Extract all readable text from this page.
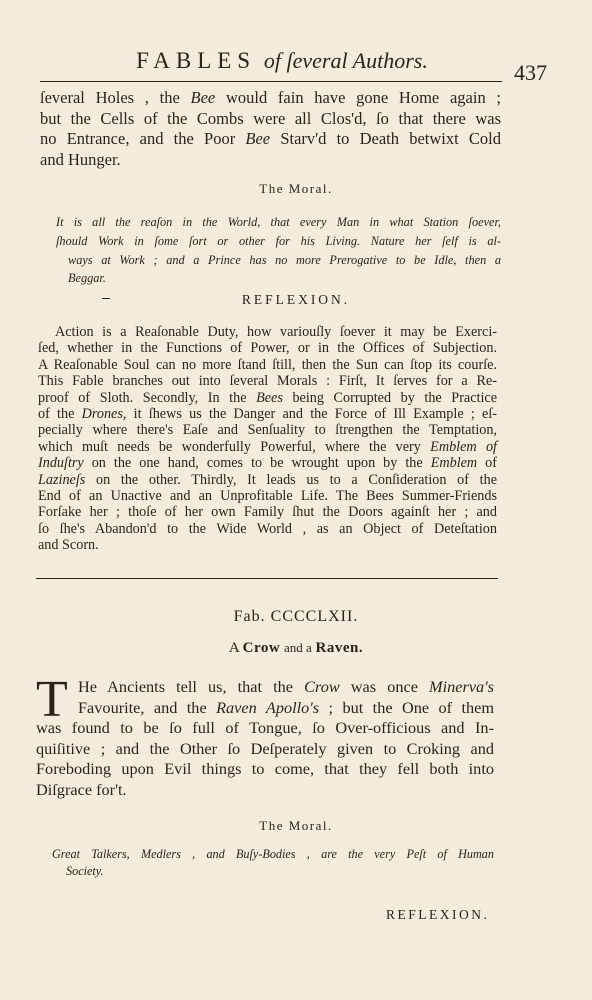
FABLES of ſeveral Authors.	437
ſeveral Holes , the Bee would fain have gone Home again ;
but the Cells of the Combs were all Clos'd, ſo that there was
no Entrance, and the Poor Bee Starv'd to Death betwixt Cold
and Hunger.
The Moral.
It is all the reaſon in the World, that every Man in what Station ſoever,
ſhould Work in ſome ſort or other for his Living. Nature her ſelf is al-
ways at Work ; and a Prince has no more Prerogative to be Idle, then a
Beggar.
REFLEXION.
Action is a Reaſonable Duty, how variouſly ſoever it may be Exerci-
ſed, whether in the Functions of Power, or in the Offices of Subjection.
A Reaſonable Soul can no more ſtand ſtill, then the Sun can ſtop its courſe.
This Fable branches out into ſeveral Morals : Firſt, It ſerves for a Re-
proof of Sloth. Secondly, In the Bees being Corrupted by the Practice
of the Drones, it ſhews us the Danger and the Force of Ill Example ; eſ-
pecially where there's Eaſe and Senſuality to ſtrengthen the Temptation,
which muſt needs be wonderfully Powerful, where the very Emblem of
Induſtry on the one hand, comes to be wrought upon by the Emblem of
Lazineſs on the other. Thirdly, It leads us to a Conſideration of the
End of an Unactive and an Unprofitable Life. The Bees Summer-Friends
Forſake her ; thoſe of her own Family ſhut the Doors againſt her ; and
ſo ſhe's Abandon'd to the Wide World , as an Object of Deteſtation
and Scorn.
Fab. CCCCLXII.
A Crow and a Raven.
T He Ancients tell us, that the Crow was once Minerva's
Favourite, and the Raven Apollo's ; but the One of them
was found to be ſo full of Tongue, ſo Over-officious and In-
quiſitive ; and the Other ſo Deſperately given to Croking and
Foreboding upon Evil things to come, that they fell both into
Diſgrace for't.
The Moral.
Great Talkers, Medlers , and Buſy-Bodies , are the very Peſt of Human
Society.
REFLEXION.
